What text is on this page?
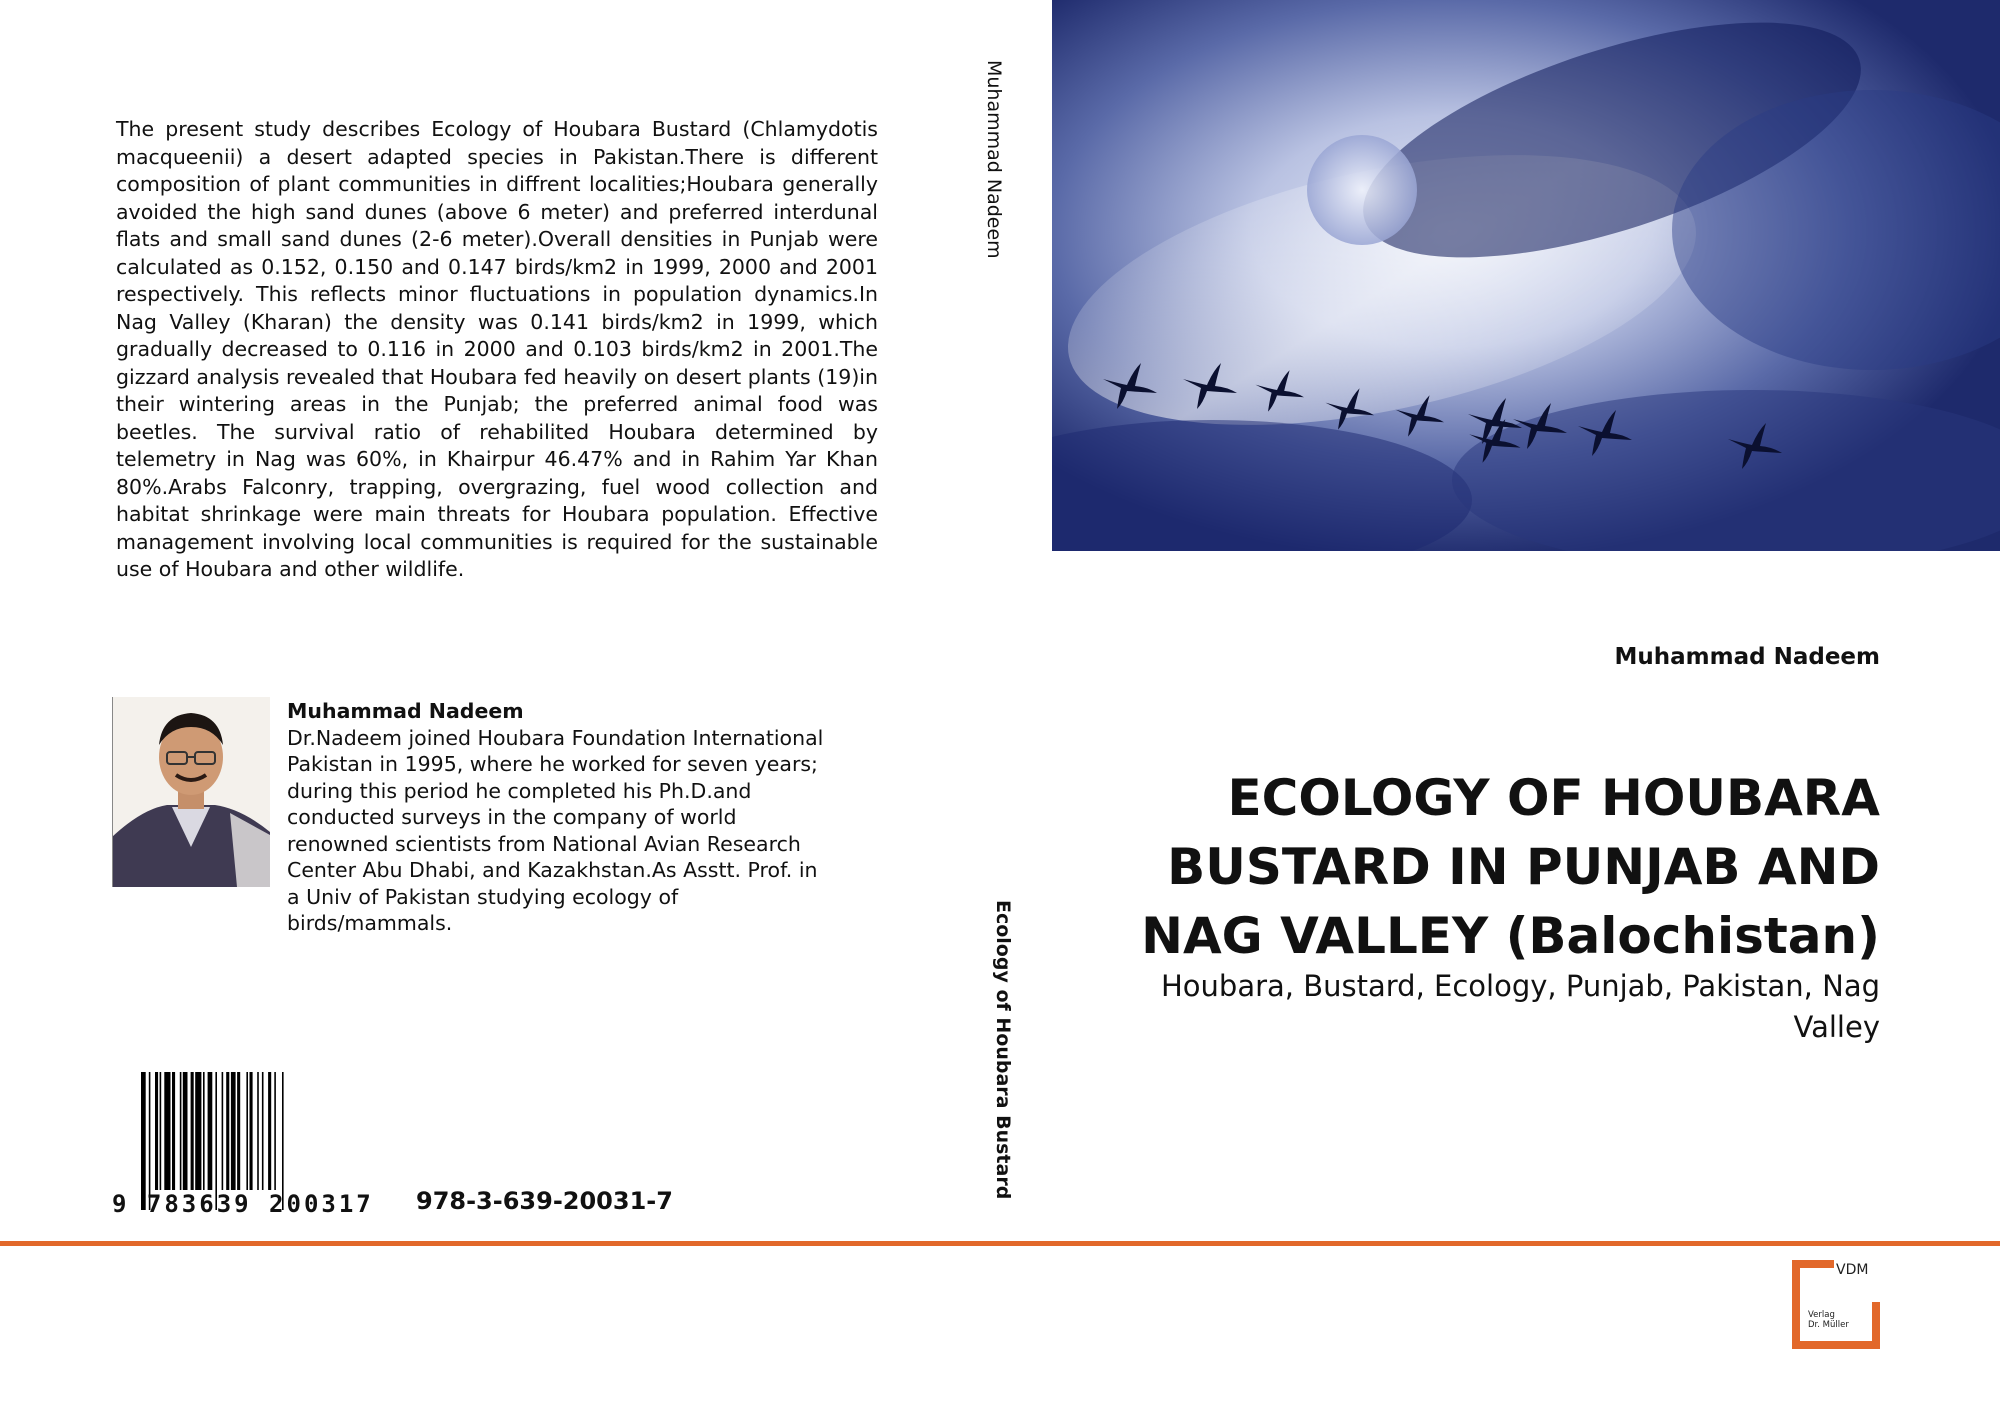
The present study describes Ecology of Houbara Bustard (Chlamydotis macqueenii) a desert adapted species in Pakistan.There is different composition of plant communities in diffrent localities;Houbara generally avoided the high sand dunes (above 6 meter) and preferred interdunal flats and small sand dunes (2-6 meter).Overall densities in Punjab were calculated as 0.152, 0.150 and 0.147 birds/km2 in 1999, 2000 and 2001 respectively. This reflects minor fluctuations in population dynamics.In Nag Valley (Kharan) the density was 0.141 birds/km2 in 1999, which gradually decreased to 0.116 in 2000 and 0.103 birds/km2 in 2001.The gizzard analysis revealed that Houbara fed heavily on desert plants (19)in their wintering areas in the Punjab; the preferred animal food was beetles. The survival ratio of rehabilited Houbara determined by telemetry in Nag was 60%, in Khairpur 46.47% and in Rahim Yar Khan 80%.Arabs Falconry, trapping, overgrazing, fuel wood collection and habitat shrinkage were main threats for Houbara population. Effective management involving local communities is required for the sustainable use of Houbara and other wildlife.
Muhammad Nadeem
Dr.Nadeem joined Houbara Foundation International Pakistan in 1995, where he worked for seven years; during this period he completed his Ph.D.and conducted surveys in the company of world renowned scientists from National Avian Research Center Abu Dhabi, and Kazakhstan.As Asstt. Prof. in a Univ of Pakistan studying ecology of birds/mammals.
9 783639 200317	978-3-639-20031-7
Muhammad Nadeem
Ecology of Houbara Bustard
Muhammad Nadeem
ECOLOGY OF HOUBARA BUSTARD IN PUNJAB AND NAG VALLEY (Balochistan)
Houbara, Bustard, Ecology, Punjab, Pakistan, Nag Valley
VDM
Verlag
Dr. Müller
